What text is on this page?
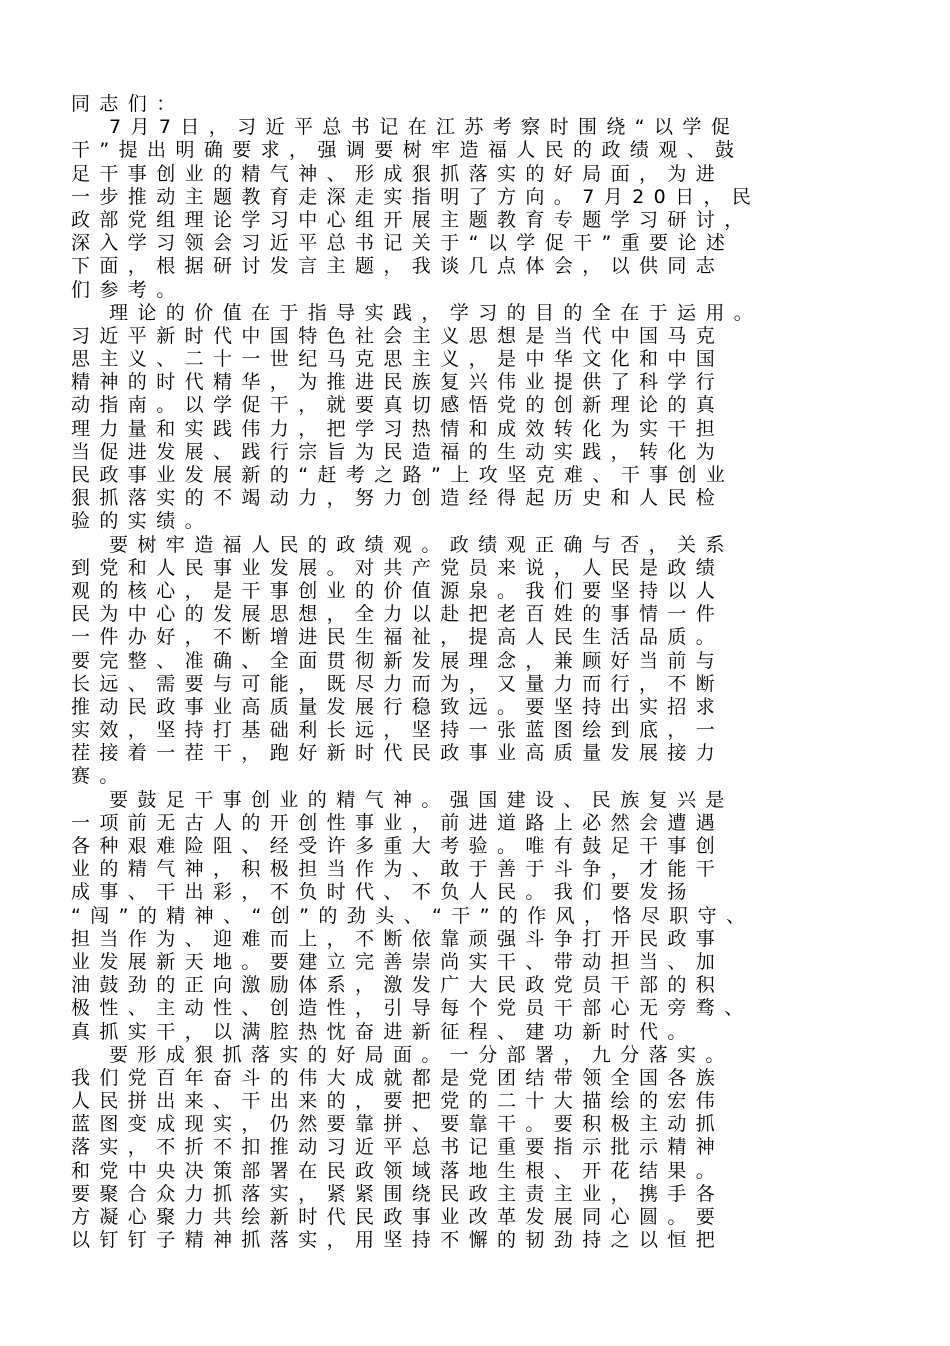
同志们：
7月7日，习近平总书记在江苏考察时围绕“以学促
干”提出明确要求，强调要树牢造福人民的政绩观、鼓
足干事创业的精气神、形成狠抓落实的好局面，为进
一步推动主题教育走深走实指明了方向。7月20日，民
政部党组理论学习中心组开展主题教育专题学习研讨，
深入学习领会习近平总书记关于“以学促干”重要论述
下面，根据研讨发言主题，我谈几点体会，以供同志
们参考。
理论的价值在于指导实践，学习的目的全在于运用。
习近平新时代中国特色社会主义思想是当代中国马克
思主义、二十一世纪马克思主义，是中华文化和中国
精神的时代精华，为推进民族复兴伟业提供了科学行
动指南。以学促干，就要真切感悟党的创新理论的真
理力量和实践伟力，把学习热情和成效转化为实干担
当促进发展、践行宗旨为民造福的生动实践，转化为
民政事业发展新的“赶考之路”上攻坚克难、干事创业
狠抓落实的不竭动力，努力创造经得起历史和人民检
验的实绩。
要树牢造福人民的政绩观。政绩观正确与否，关系
到党和人民事业发展。对共产党员来说，人民是政绩
观的核心，是干事创业的价值源泉。我们要坚持以人
民为中心的发展思想，全力以赴把老百姓的事情一件
一件办好，不断增进民生福祉，提高人民生活品质。
要完整、准确、全面贯彻新发展理念，兼顾好当前与
长远、需要与可能，既尽力而为，又量力而行，不断
推动民政事业高质量发展行稳致远。要坚持出实招求
实效，坚持打基础利长远，坚持一张蓝图绘到底，一
茬接着一茬干，跑好新时代民政事业高质量发展接力
赛。
要鼓足干事创业的精气神。强国建设、民族复兴是
一项前无古人的开创性事业，前进道路上必然会遭遇
各种艰难险阻、经受许多重大考验。唯有鼓足干事创
业的精气神，积极担当作为、敢于善于斗争，才能干
成事、干出彩，不负时代、不负人民。我们要发扬
“闯”的精神、“创”的劲头、“干”的作风，恪尽职守、
担当作为、迎难而上，不断依靠顽强斗争打开民政事
业发展新天地。要建立完善崇尚实干、带动担当、加
油鼓劲的正向激励体系，激发广大民政党员干部的积
极性、主动性、创造性，引导每个党员干部心无旁骛、
真抓实干，以满腔热忱奋进新征程、建功新时代。
要形成狠抓落实的好局面。一分部署，九分落实。
我们党百年奋斗的伟大成就都是党团结带领全国各族
人民拼出来、干出来的，要把党的二十大描绘的宏伟
蓝图变成现实，仍然要靠拼、要靠干。要积极主动抓
落实，不折不扣推动习近平总书记重要指示批示精神
和党中央决策部署在民政领域落地生根、开花结果。
要聚合众力抓落实，紧紧围绕民政主责主业，携手各
方凝心聚力共绘新时代民政事业改革发展同心圆。要
以钉钉子精神抓落实，用坚持不懈的韧劲持之以恒把
